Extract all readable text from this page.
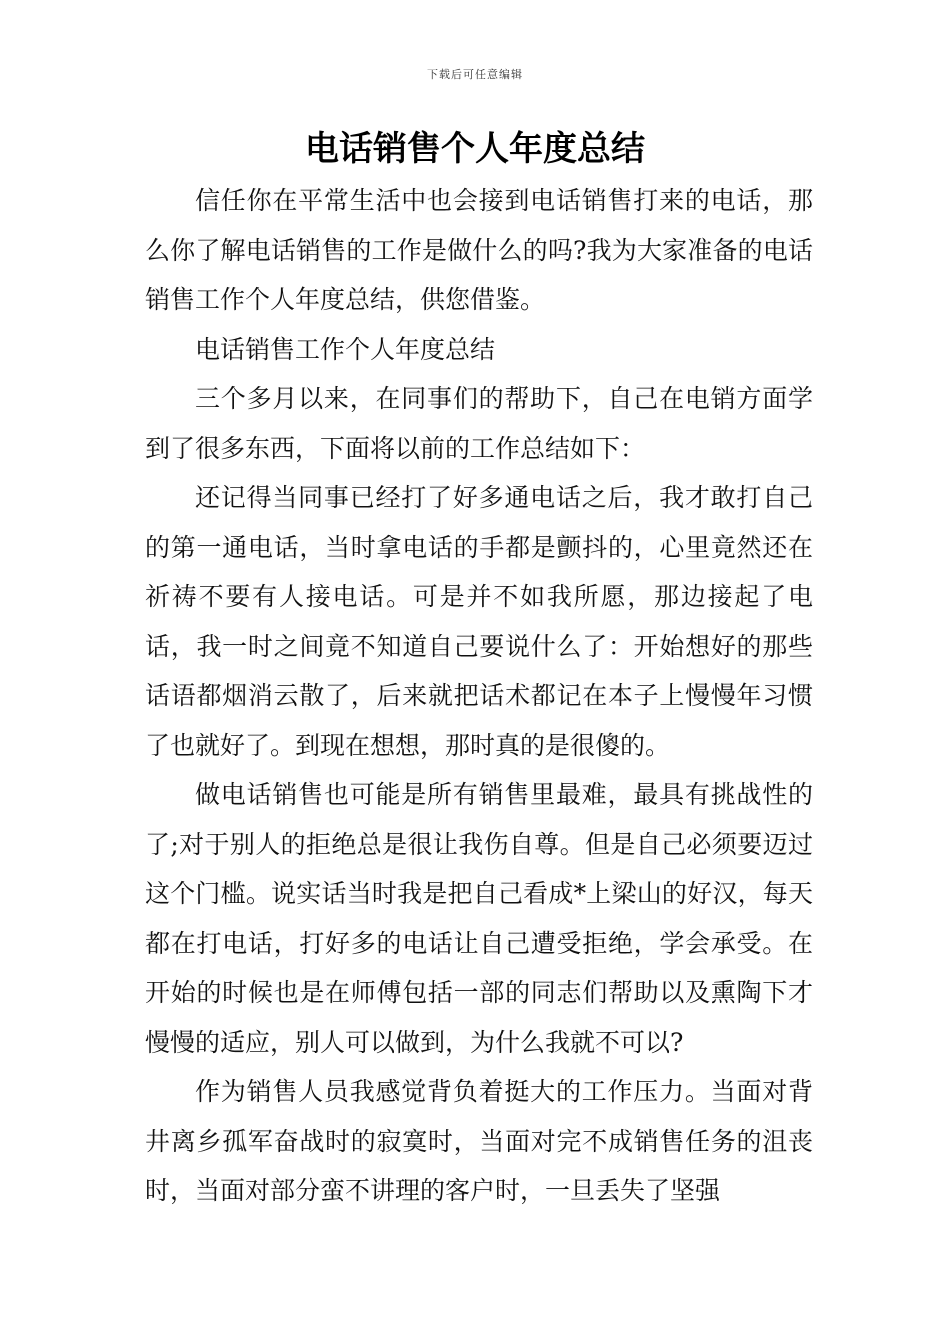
下载后可任意编辑
电话销售个人年度总结

信任你在平常生活中也会接到电话销售打来的电话，那么你了解电话销售的工作是做什么的吗?我为大家准备的电话销售工作个人年度总结，供您借鉴。

电话销售工作个人年度总结

三个多月以来，在同事们的帮助下，自己在电销方面学到了很多东西，下面将以前的工作总结如下：

还记得当同事已经打了好多通电话之后，我才敢打自己的第一通电话，当时拿电话的手都是颤抖的，心里竟然还在祈祷不要有人接电话。可是并不如我所愿，那边接起了电话，我一时之间竟不知道自己要说什么了：开始想好的那些话语都烟消云散了，后来就把话术都记在本子上慢慢年习惯了也就好了。到现在想想，那时真的是很傻的。

做电话销售也可能是所有销售里最难，最具有挑战性的了;对于别人的拒绝总是很让我伤自尊。但是自己必须要迈过这个门槛。说实话当时我是把自己看成*上梁山的好汉，每天都在打电话，打好多的电话让自己遭受拒绝，学会承受。在开始的时候也是在师傅包括一部的同志们帮助以及熏陶下才慢慢的适应，别人可以做到，为什么我就不可以?

作为销售人员我感觉背负着挺大的工作压力。当面对背井离乡孤军奋战时的寂寞时，当面对完不成销售任务的沮丧时，当面对部分蛮不讲理的客户时，一旦丢失了坚强
